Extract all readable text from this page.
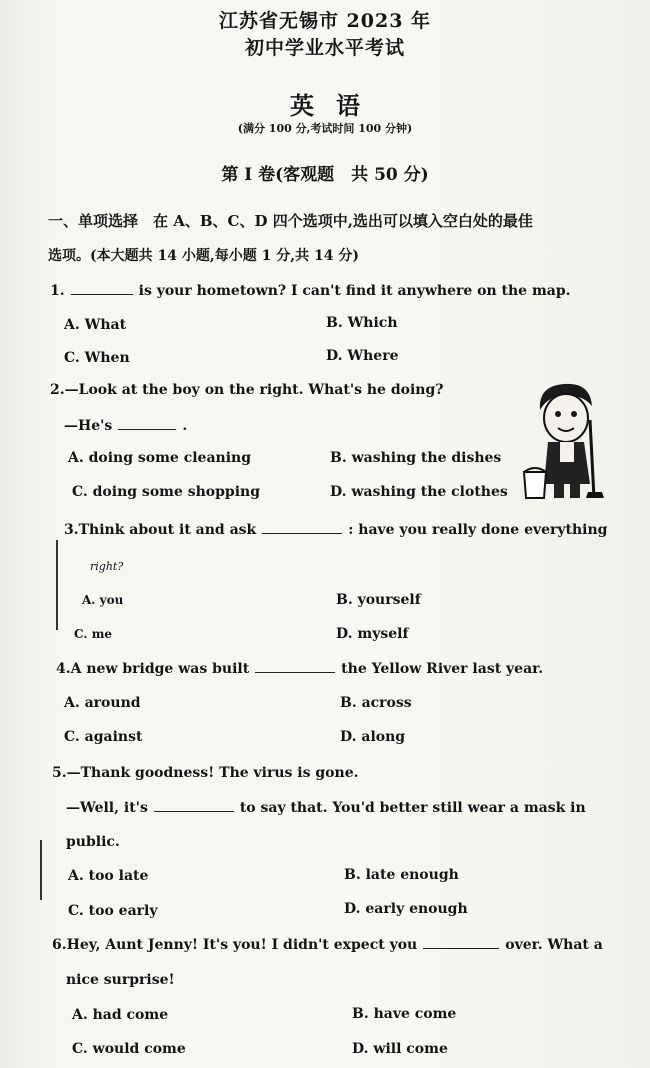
江苏省无锡市 2023 年
初中学业水平考试
英语
(满分 100 分,考试时间 100 分钟)
第 I 卷(客观题　共 50 分)
一、单项选择　在 A、B、C、D 四个选项中,选出可以填入空白处的最佳
选项。(本大题共 14 小题,每小题 1 分,共 14 分)
1.	is your hometown? I can't find it anywhere on the map.
A. What	B. Which
C. When	D. Where
2.—Look at the boy on the right. What's he doing?
—He's	.
A. doing some cleaning	B. washing the dishes
C. doing some shopping	D. washing the clothes
3.Think about it and ask	: have you really done everything
right?
A. you	B. yourself
C. me	D. myself
4.A new bridge was built	the Yellow River last year.
A. around	B. across
C. against	D. along
5.—Thank goodness! The virus is gone.
—Well, it's	to say that. You'd better still wear a mask in
public.
A. too late	B. late enough
C. too early	D. early enough
6.Hey, Aunt Jenny! It's you! I didn't expect you	over. What a
nice surprise!
A. had come	B. have come
C. would come	D. will come
